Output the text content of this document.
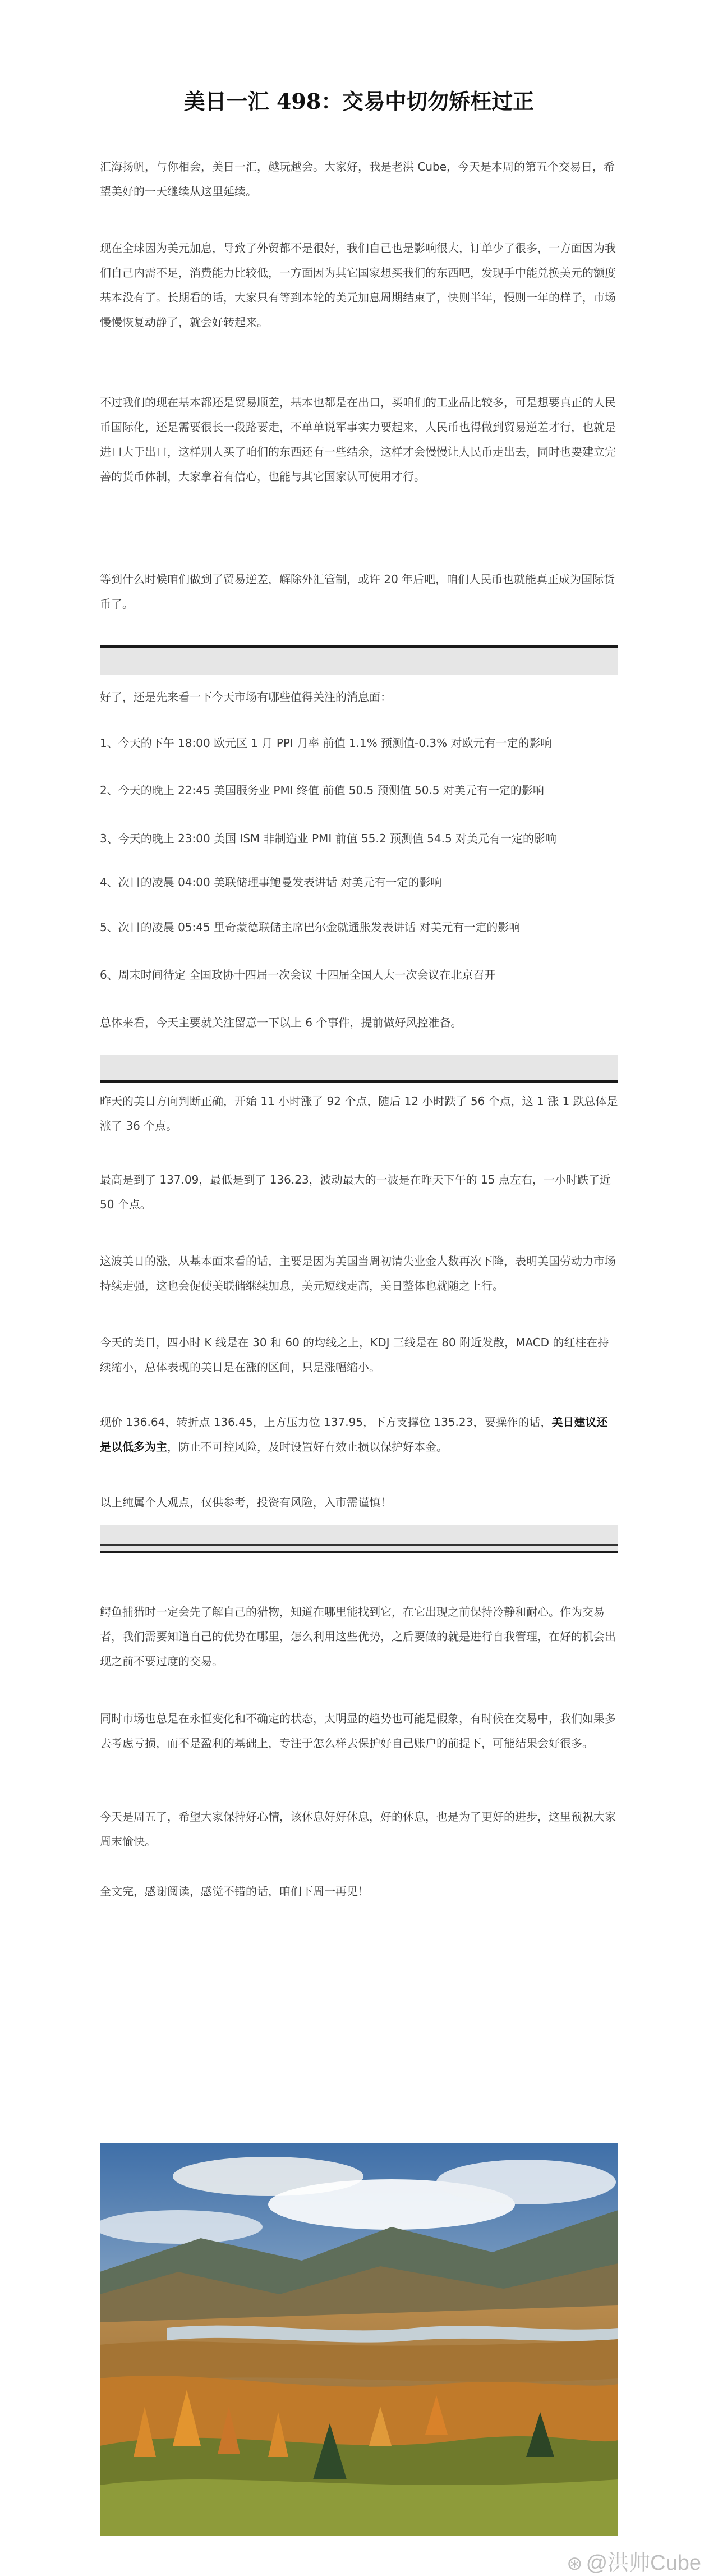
美日一汇 498：交易中切勿矫枉过正

汇海扬帆，与你相会，美日一汇，越玩越会。大家好，我是老洪 Cube，今天是本周的第五个交易日，希望美好的一天继续从这里延续。

现在全球因为美元加息，导致了外贸都不是很好，我们自己也是影响很大，订单少了很多，一方面因为我们自己内需不足，消费能力比较低，一方面因为其它国家想买我们的东西吧，发现手中能兑换美元的额度基本没有了。长期看的话，大家只有等到本轮的美元加息周期结束了，快则半年，慢则一年的样子，市场慢慢恢复动静了，就会好转起来。

不过我们的现在基本都还是贸易顺差，基本也都是在出口，买咱们的工业品比较多，可是想要真正的人民币国际化，还是需要很长一段路要走，不单单说军事实力要起来，人民币也得做到贸易逆差才行，也就是进口大于出口，这样别人买了咱们的东西还有一些结余，这样才会慢慢让人民币走出去，同时也要建立完善的货币体制，大家拿着有信心，也能与其它国家认可使用才行。

等到什么时候咱们做到了贸易逆差，解除外汇管制，或许 20 年后吧，咱们人民币也就能真正成为国际货币了。

好了，还是先来看一下今天市场有哪些值得关注的消息面：

1、今天的下午 18:00 欧元区 1 月 PPI 月率 前值 1.1% 预测值-0.3% 对欧元有一定的影响

2、今天的晚上 22:45 美国服务业 PMI 终值 前值 50.5 预测值 50.5 对美元有一定的影响

3、今天的晚上 23:00 美国 ISM 非制造业 PMI 前值 55.2 预测值 54.5 对美元有一定的影响

4、次日的凌晨 04:00 美联储理事鲍曼发表讲话 对美元有一定的影响

5、次日的凌晨 05:45 里奇蒙德联储主席巴尔金就通胀发表讲话 对美元有一定的影响

6、周末时间待定 全国政协十四届一次会议 十四届全国人大一次会议在北京召开

总体来看，今天主要就关注留意一下以上 6 个事件，提前做好风控准备。

昨天的美日方向判断正确，开始 11 小时涨了 92 个点，随后 12 小时跌了 56 个点，这 1 涨 1 跌总体是涨了 36 个点。

最高是到了 137.09，最低是到了 136.23，波动最大的一波是在昨天下午的 15 点左右，一小时跌了近 50 个点。

这波美日的涨，从基本面来看的话，主要是因为美国当周初请失业金人数再次下降，表明美国劳动力市场持续走强，这也会促使美联储继续加息，美元短线走高，美日整体也就随之上行。

今天的美日，四小时 K 线是在 30 和 60 的均线之上，KDJ 三线是在 80 附近发散，MACD 的红柱在持续缩小，总体表现的美日是在涨的区间，只是涨幅缩小。

现价 136.64，转折点 136.45，上方压力位 137.95，下方支撑位 135.23，要操作的话，美日建议还是以低多为主，防止不可控风险，及时设置好有效止损以保护好本金。

以上纯属个人观点，仅供参考，投资有风险，入市需谨慎！

鳄鱼捕猎时一定会先了解自己的猎物，知道在哪里能找到它，在它出现之前保持冷静和耐心。作为交易者，我们需要知道自己的优势在哪里，怎么利用这些优势，之后要做的就是进行自我管理，在好的机会出现之前不要过度的交易。

同时市场也总是在永恒变化和不确定的状态，太明显的趋势也可能是假象，有时候在交易中，我们如果多去考虑亏损，而不是盈利的基础上，专注于怎么样去保护好自己账户的前提下，可能结果会好很多。

今天是周五了，希望大家保持好心情，该休息好好休息，好的休息，也是为了更好的进步，这里预祝大家周末愉快。

全文完，感谢阅读，感觉不错的话，咱们下周一再见！

⊛ @洪帅Cube
